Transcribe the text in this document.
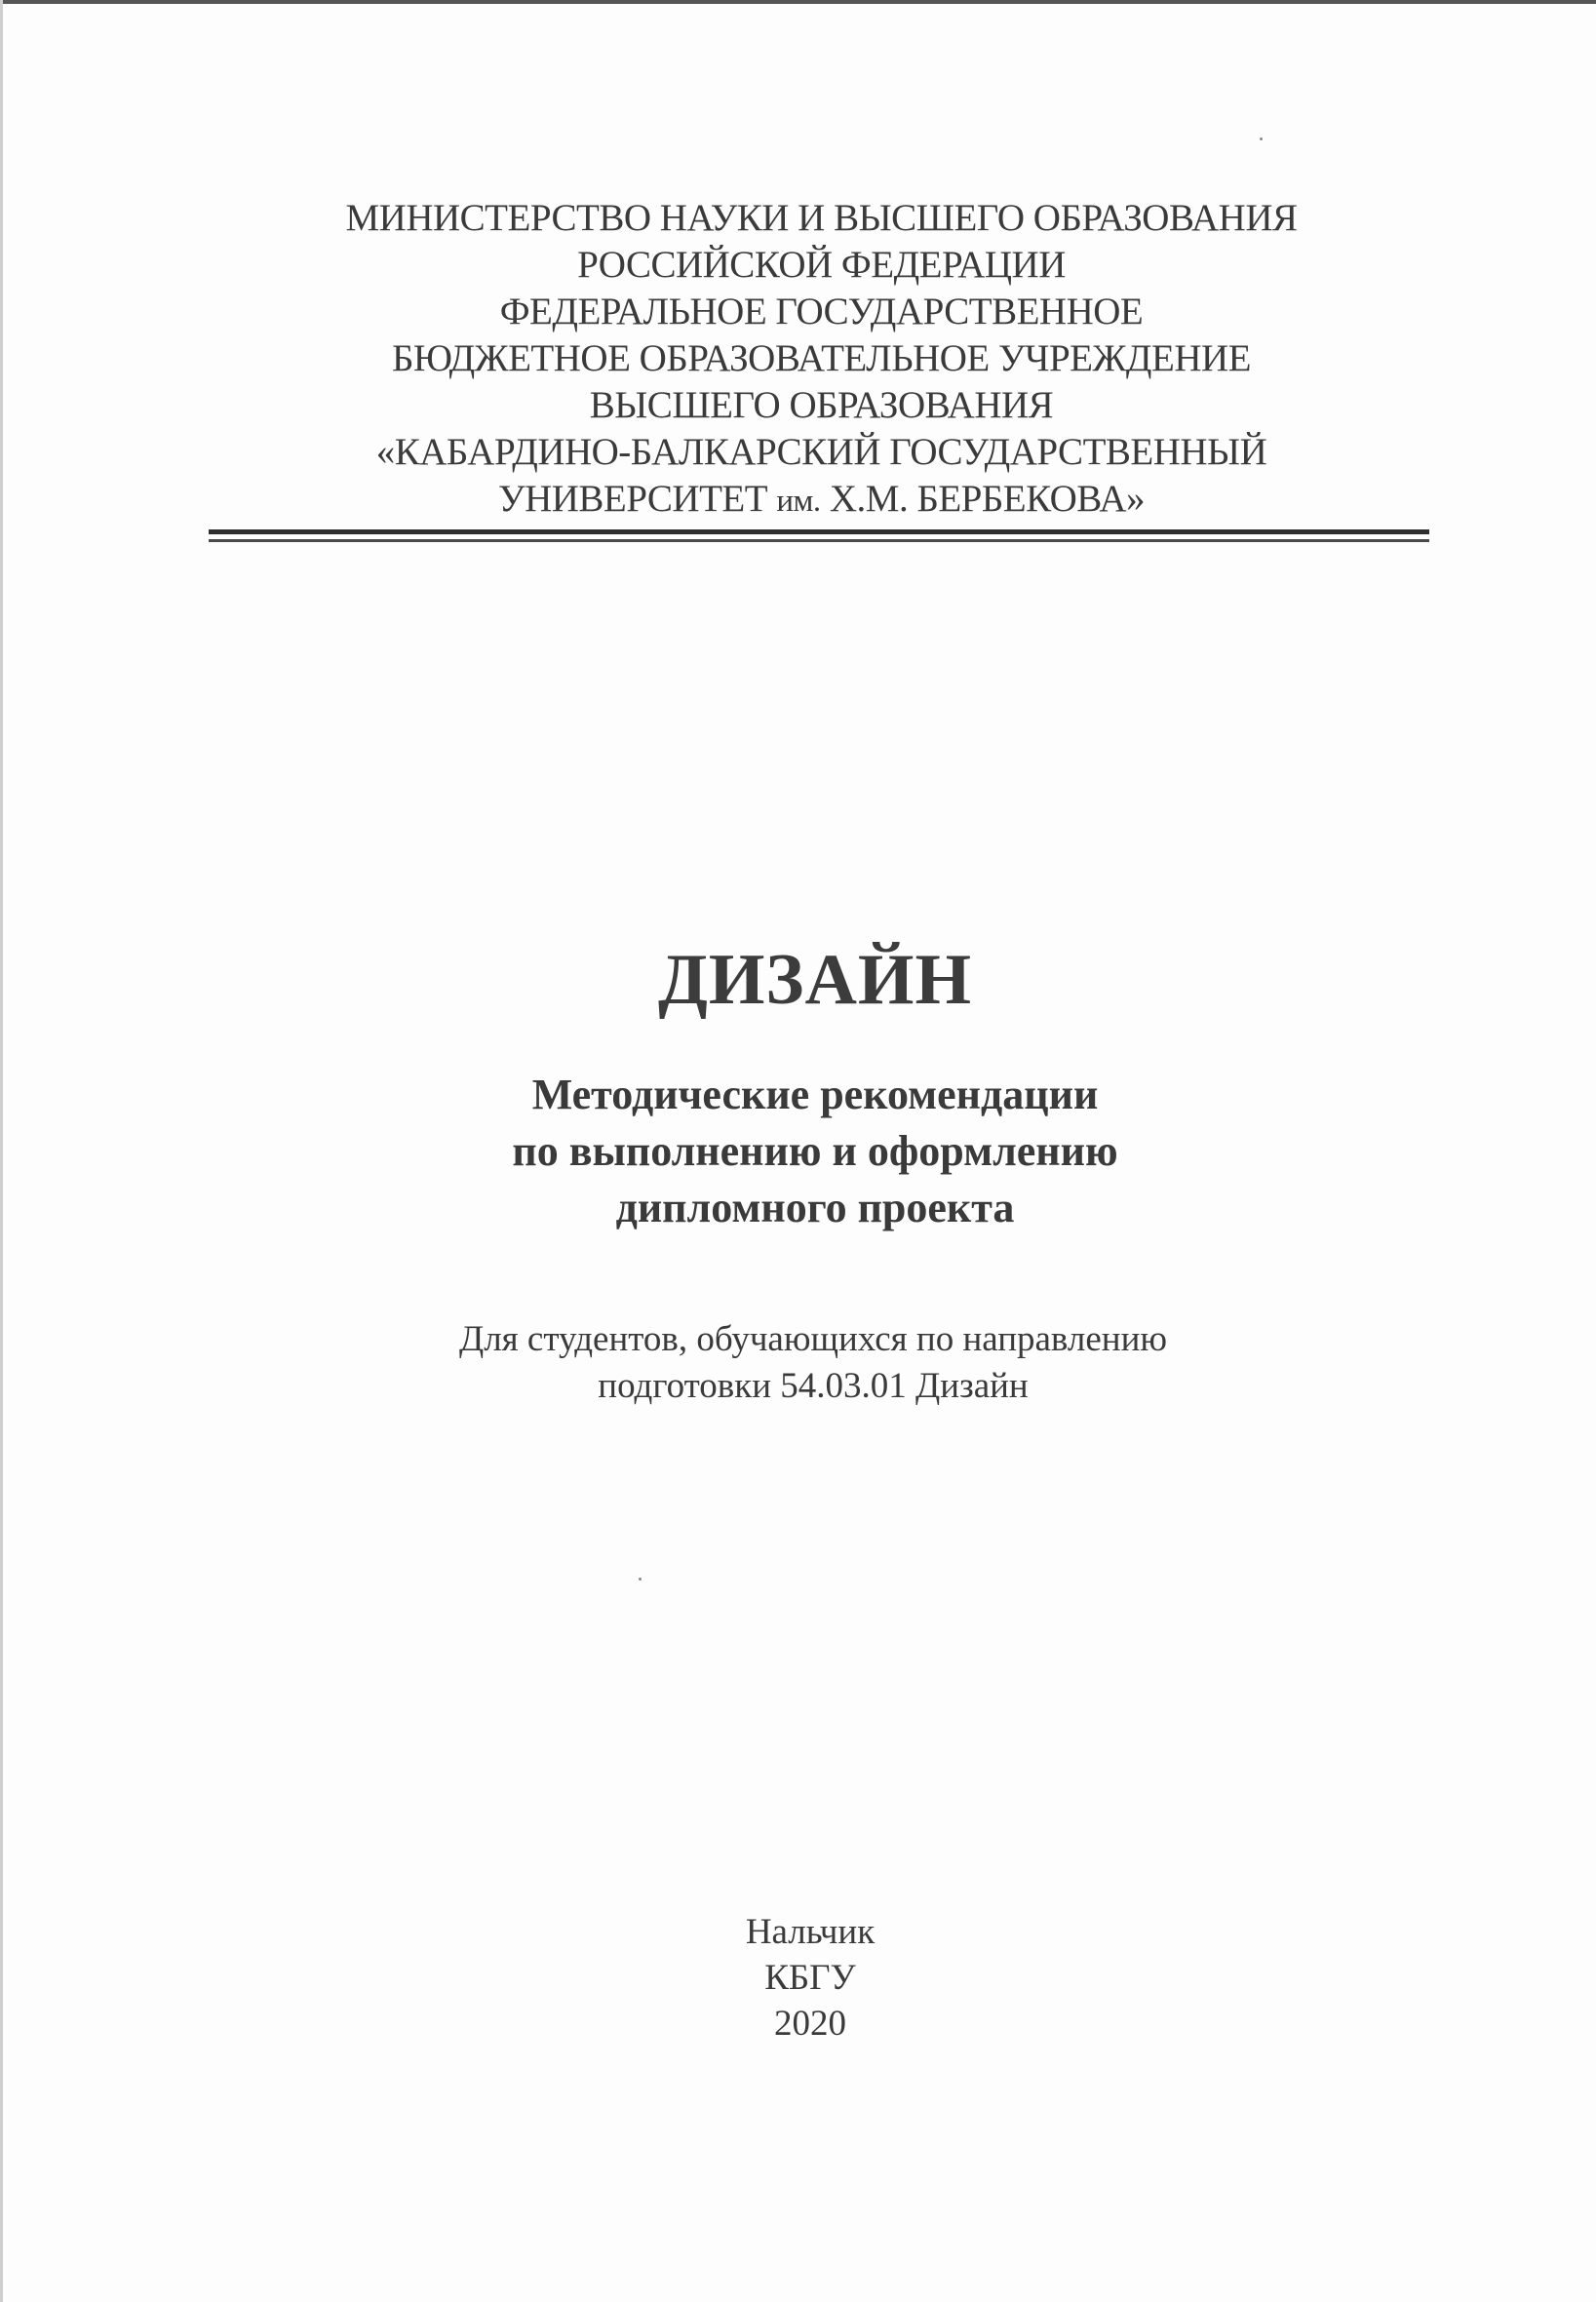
МИНИСТЕРСТВО НАУКИ И ВЫСШЕГО ОБРАЗОВАНИЯ
РОССИЙСКОЙ ФЕДЕРАЦИИ
ФЕДЕРАЛЬНОЕ ГОСУДАРСТВЕННОЕ
БЮДЖЕТНОЕ ОБРАЗОВАТЕЛЬНОЕ УЧРЕЖДЕНИЕ
ВЫСШЕГО ОБРАЗОВАНИЯ
«КАБАРДИНО-БАЛКАРСКИЙ ГОСУДАРСТВЕННЫЙ
УНИВЕРСИТЕТ им. Х.М. БЕРБЕКОВА»
ДИЗАЙН
Методические рекомендации
по выполнению и оформлению
дипломного проекта
Для студентов, обучающихся по направлению
подготовки 54.03.01 Дизайн
Нальчик
КБГУ
2020
